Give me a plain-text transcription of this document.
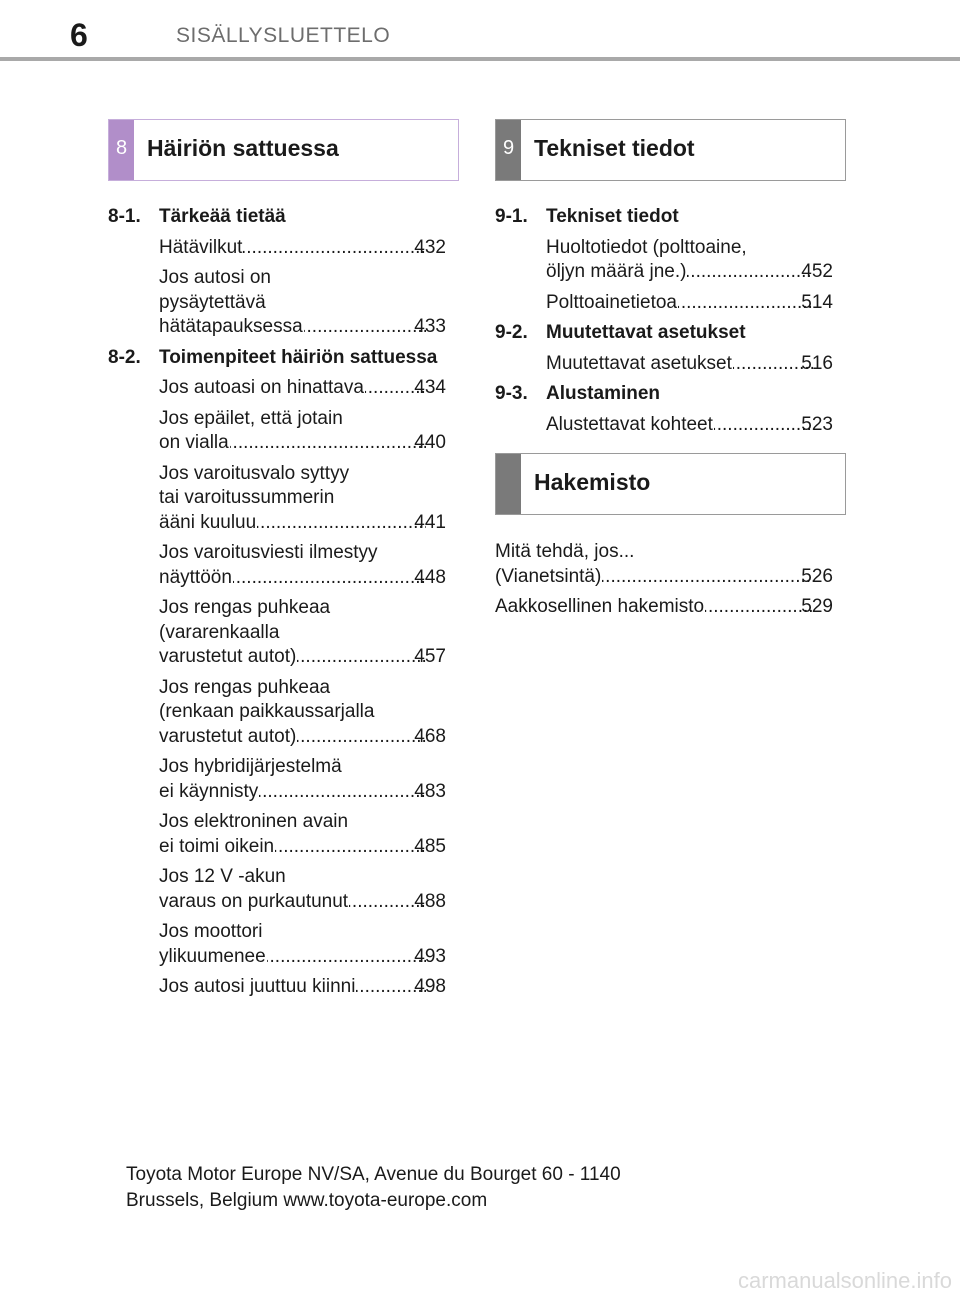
6	SISÄLLYSLUETTELO
8 Häiriön sattuessa
8-1. Tärkeää tietää
Hätävilkut .....	432
Jos autosi on
pysäytettävä
hätätapauksessa .....	433
8-2. Toimenpiteet häiriön sattuessa
Jos autoasi on hinattava .....	434
Jos epäilet, että jotain
on vialla .....	440
Jos varoitusvalo syttyy
tai varoitussummerin
ääni kuuluu .....	441
Jos varoitusviesti ilmestyy
näyttöön .....	448
Jos rengas puhkeaa
(vararenkaalla
varustetut autot) .....	457
Jos rengas puhkeaa
(renkaan paikkaussarjalla
varustetut autot) .....	468
Jos hybridijärjestelmä
ei käynnisty .....	483
Jos elektroninen avain
ei toimi oikein .....	485
Jos 12 V -akun
varaus on purkautunut .....	488
Jos moottori
ylikuumenee .....	493
Jos autosi juuttuu kiinni .....	498
9 Tekniset tiedot
9-1. Tekniset tiedot
Huoltotiedot (polttoaine,
öljyn määrä jne.) .....	452
Polttoainetietoa .....	514
9-2. Muutettavat asetukset
Muutettavat asetukset .....	516
9-3. Alustaminen
Alustettavat kohteet .....	523
Hakemisto
Mitä tehdä, jos...
(Vianetsintä) .....	526
Aakkosellinen hakemisto .....	529
Toyota Motor Europe NV/SA, Avenue du Bourget 60 - 1140
Brussels, Belgium www.toyota-europe.com
carmanualsonline.info
